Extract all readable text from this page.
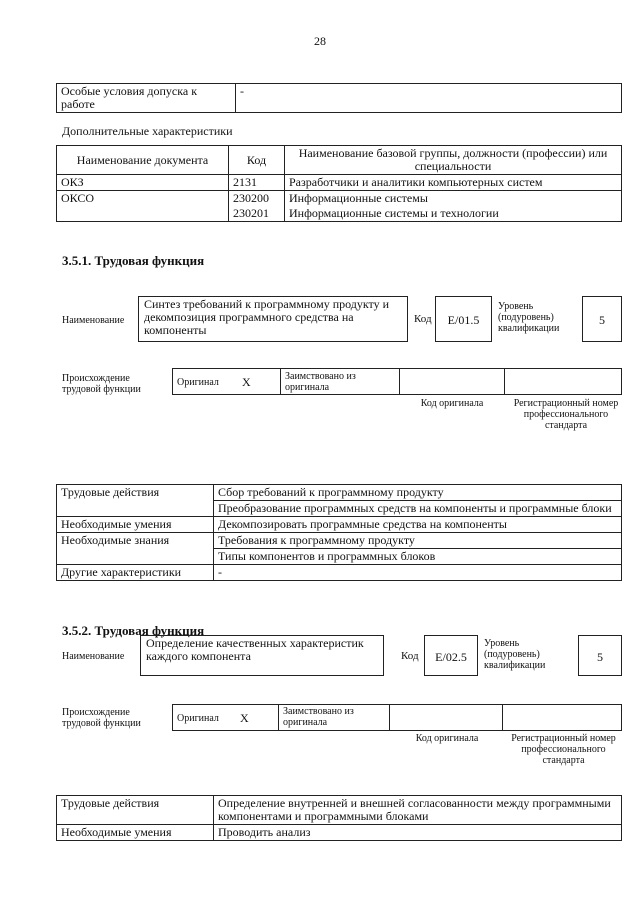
28
Особые условия допуска к работе	-
Дополнительные характеристики
Наименование документа	Код	Наименование базовой группы, должности (профессии) или специальности
ОКЗ	2131	Разработчики и аналитики компьютерных систем
ОКСО	230200	Информационные системы
	230201	Информационные системы и технологии
3.5.1. Трудовая функция
Наименование
Синтез требований к программному продукту и декомпозиция программного средства на компоненты
Код	E/01.5
Уровень (подуровень) квалификации
5
Происхождение трудовой функции
Оригинал X	Заимствовано из оригинала
Код оригинала	Регистрационный номер профессионального стандарта
Трудовые действия	Сбор требований к программному продукту
	Преобразование программных средств на компоненты и программные блоки
Необходимые умения	Декомпозировать программные средства на компоненты
Необходимые знания	Требования к программному продукту
	Типы компонентов и программных блоков
Другие характеристики	-
3.5.2. Трудовая функция
Наименование
Определение качественных характеристик каждого компонента	Код	E/02.5
Уровень (подуровень) квалификации
5
Происхождение трудовой функции	Оригинал X	Заимствовано из оригинала
Код оригинала	Регистрационный номер профессионального стандарта
Трудовые действия	Определение внутренней и внешней согласованности между программными компонентами и программными блоками
Необходимые умения	Проводить анализ
